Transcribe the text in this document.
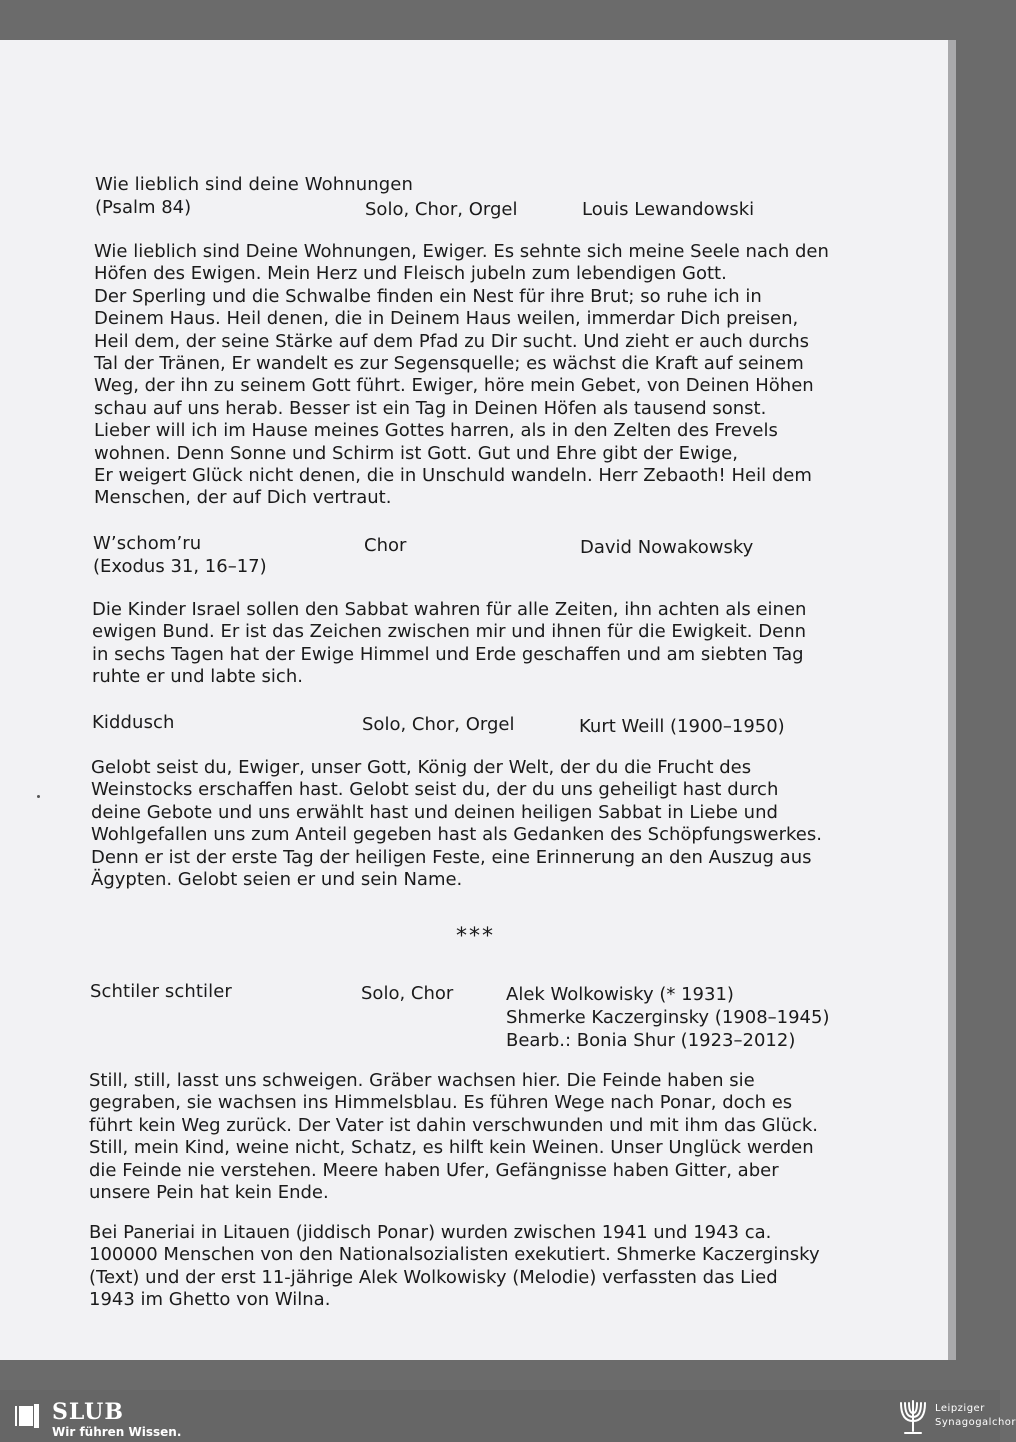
Wie lieblich sind deine Wohnungen
(Psalm 84)	Solo, Chor, Orgel	Louis Lewandowski
Wie lieblich sind Deine Wohnungen, Ewiger. Es sehnte sich meine Seele nach den
Höfen des Ewigen. Mein Herz und Fleisch jubeln zum lebendigen Gott.
Der Sperling und die Schwalbe finden ein Nest für ihre Brut; so ruhe ich in
Deinem Haus. Heil denen, die in Deinem Haus weilen, immerdar Dich preisen,
Heil dem, der seine Stärke auf dem Pfad zu Dir sucht. Und zieht er auch durchs
Tal der Tränen, Er wandelt es zur Segensquelle; es wächst die Kraft auf seinem
Weg, der ihn zu seinem Gott führt. Ewiger, höre mein Gebet, von Deinen Höhen
schau auf uns herab. Besser ist ein Tag in Deinen Höfen als tausend sonst.
Lieber will ich im Hause meines Gottes harren, als in den Zelten des Frevels
wohnen. Denn Sonne und Schirm ist Gott. Gut und Ehre gibt der Ewige,
Er weigert Glück nicht denen, die in Unschuld wandeln. Herr Zebaoth! Heil dem
Menschen, der auf Dich vertraut.
W’schom’ru
(Exodus 31, 16–17)
Chor	David Nowakowsky
Die Kinder Israel sollen den Sabbat wahren für alle Zeiten, ihn achten als einen
ewigen Bund. Er ist das Zeichen zwischen mir und ihnen für die Ewigkeit. Denn
in sechs Tagen hat der Ewige Himmel und Erde geschaffen und am siebten Tag
ruhte er und labte sich.
Kiddusch	Solo, Chor, Orgel	Kurt Weill (1900–1950)
Gelobt seist du, Ewiger, unser Gott, König der Welt, der du die Frucht des
Weinstocks erschaffen hast. Gelobt seist du, der du uns geheiligt hast durch
deine Gebote und uns erwählt hast und deinen heiligen Sabbat in Liebe und
Wohlgefallen uns zum Anteil gegeben hast als Gedanken des Schöpfungswerkes.
Denn er ist der erste Tag der heiligen Feste, eine Erinnerung an den Auszug aus
Ägypten. Gelobt seien er und sein Name.
***
Schtiler schtiler	Solo, Chor	Alek Wolkowisky (* 1931)
Shmerke Kaczerginsky (1908–1945)
Bearb.: Bonia Shur (1923–2012)
Still, still, lasst uns schweigen. Gräber wachsen hier. Die Feinde haben sie
gegraben, sie wachsen ins Himmelsblau. Es führen Wege nach Ponar, doch es
führt kein Weg zurück. Der Vater ist dahin verschwunden und mit ihm das Glück.
Still, mein Kind, weine nicht, Schatz, es hilft kein Weinen. Unser Unglück werden
die Feinde nie verstehen. Meere haben Ufer, Gefängnisse haben Gitter, aber
unsere Pein hat kein Ende.
Bei Paneriai in Litauen (jiddisch Ponar) wurden zwischen 1941 und 1943 ca.
100000 Menschen von den Nationalsozialisten exekutiert. Shmerke Kaczerginsky
(Text) und der erst 11-jährige Alek Wolkowisky (Melodie) verfassten das Lied
1943 im Ghetto von Wilna.
SLUB
Wir führen Wissen.
Leipziger
Synagogalchor
